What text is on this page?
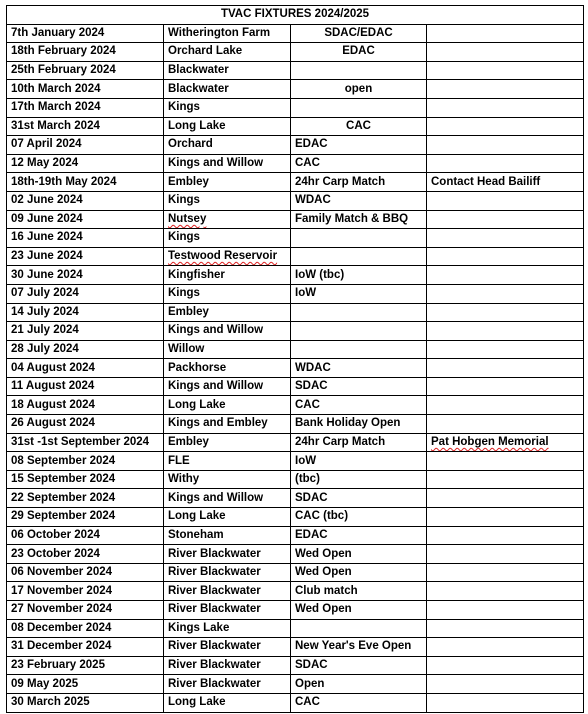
TVAC FIXTURES 2024/2025			
7th January 2024	Witherington Farm	SDAC/EDAC	
18th February 2024	Orchard Lake	EDAC	
25th February 2024	Blackwater		
10th March 2024	Blackwater	open	
17th March 2024	Kings		
31st March 2024	Long Lake	CAC	
07 April 2024	Orchard	EDAC	
12 May 2024	Kings and Willow	CAC	
18th-19th May 2024	Embley	24hr Carp Match	Contact Head Bailiff
02 June 2024	Kings	WDAC	
09 June 2024	Nutsey	Family Match & BBQ	
16 June 2024	Kings		
23 June 2024	Testwood Reservoir		
30 June 2024	Kingfisher	IoW (tbc)	
07 July 2024	Kings	IoW	
14 July 2024	Embley		
21 July 2024	Kings and Willow		
28 July 2024	Willow		
04 August 2024	Packhorse	WDAC	
11 August 2024	Kings and Willow	SDAC	
18 August 2024	Long Lake	CAC	
26 August 2024	Kings and Embley	Bank Holiday Open	
31st -1st September 2024	Embley	24hr Carp Match	Pat Hobgen Memorial
08 September 2024	FLE	IoW	
15 September 2024	Withy	(tbc)	
22 September 2024	Kings and Willow	SDAC	
29 September 2024	Long Lake	CAC (tbc)	
06 October 2024	Stoneham	EDAC	
23 October 2024	River Blackwater	Wed Open	
06 November 2024	River Blackwater	Wed Open	
17 November 2024	River Blackwater	Club match	
27 November 2024	River Blackwater	Wed Open	
08 December 2024	Kings Lake		
31 December 2024	River Blackwater	New Year's Eve Open	
23 February 2025	River Blackwater	SDAC	
09 May 2025	River Blackwater	Open	
30 March 2025	Long Lake	CAC	
